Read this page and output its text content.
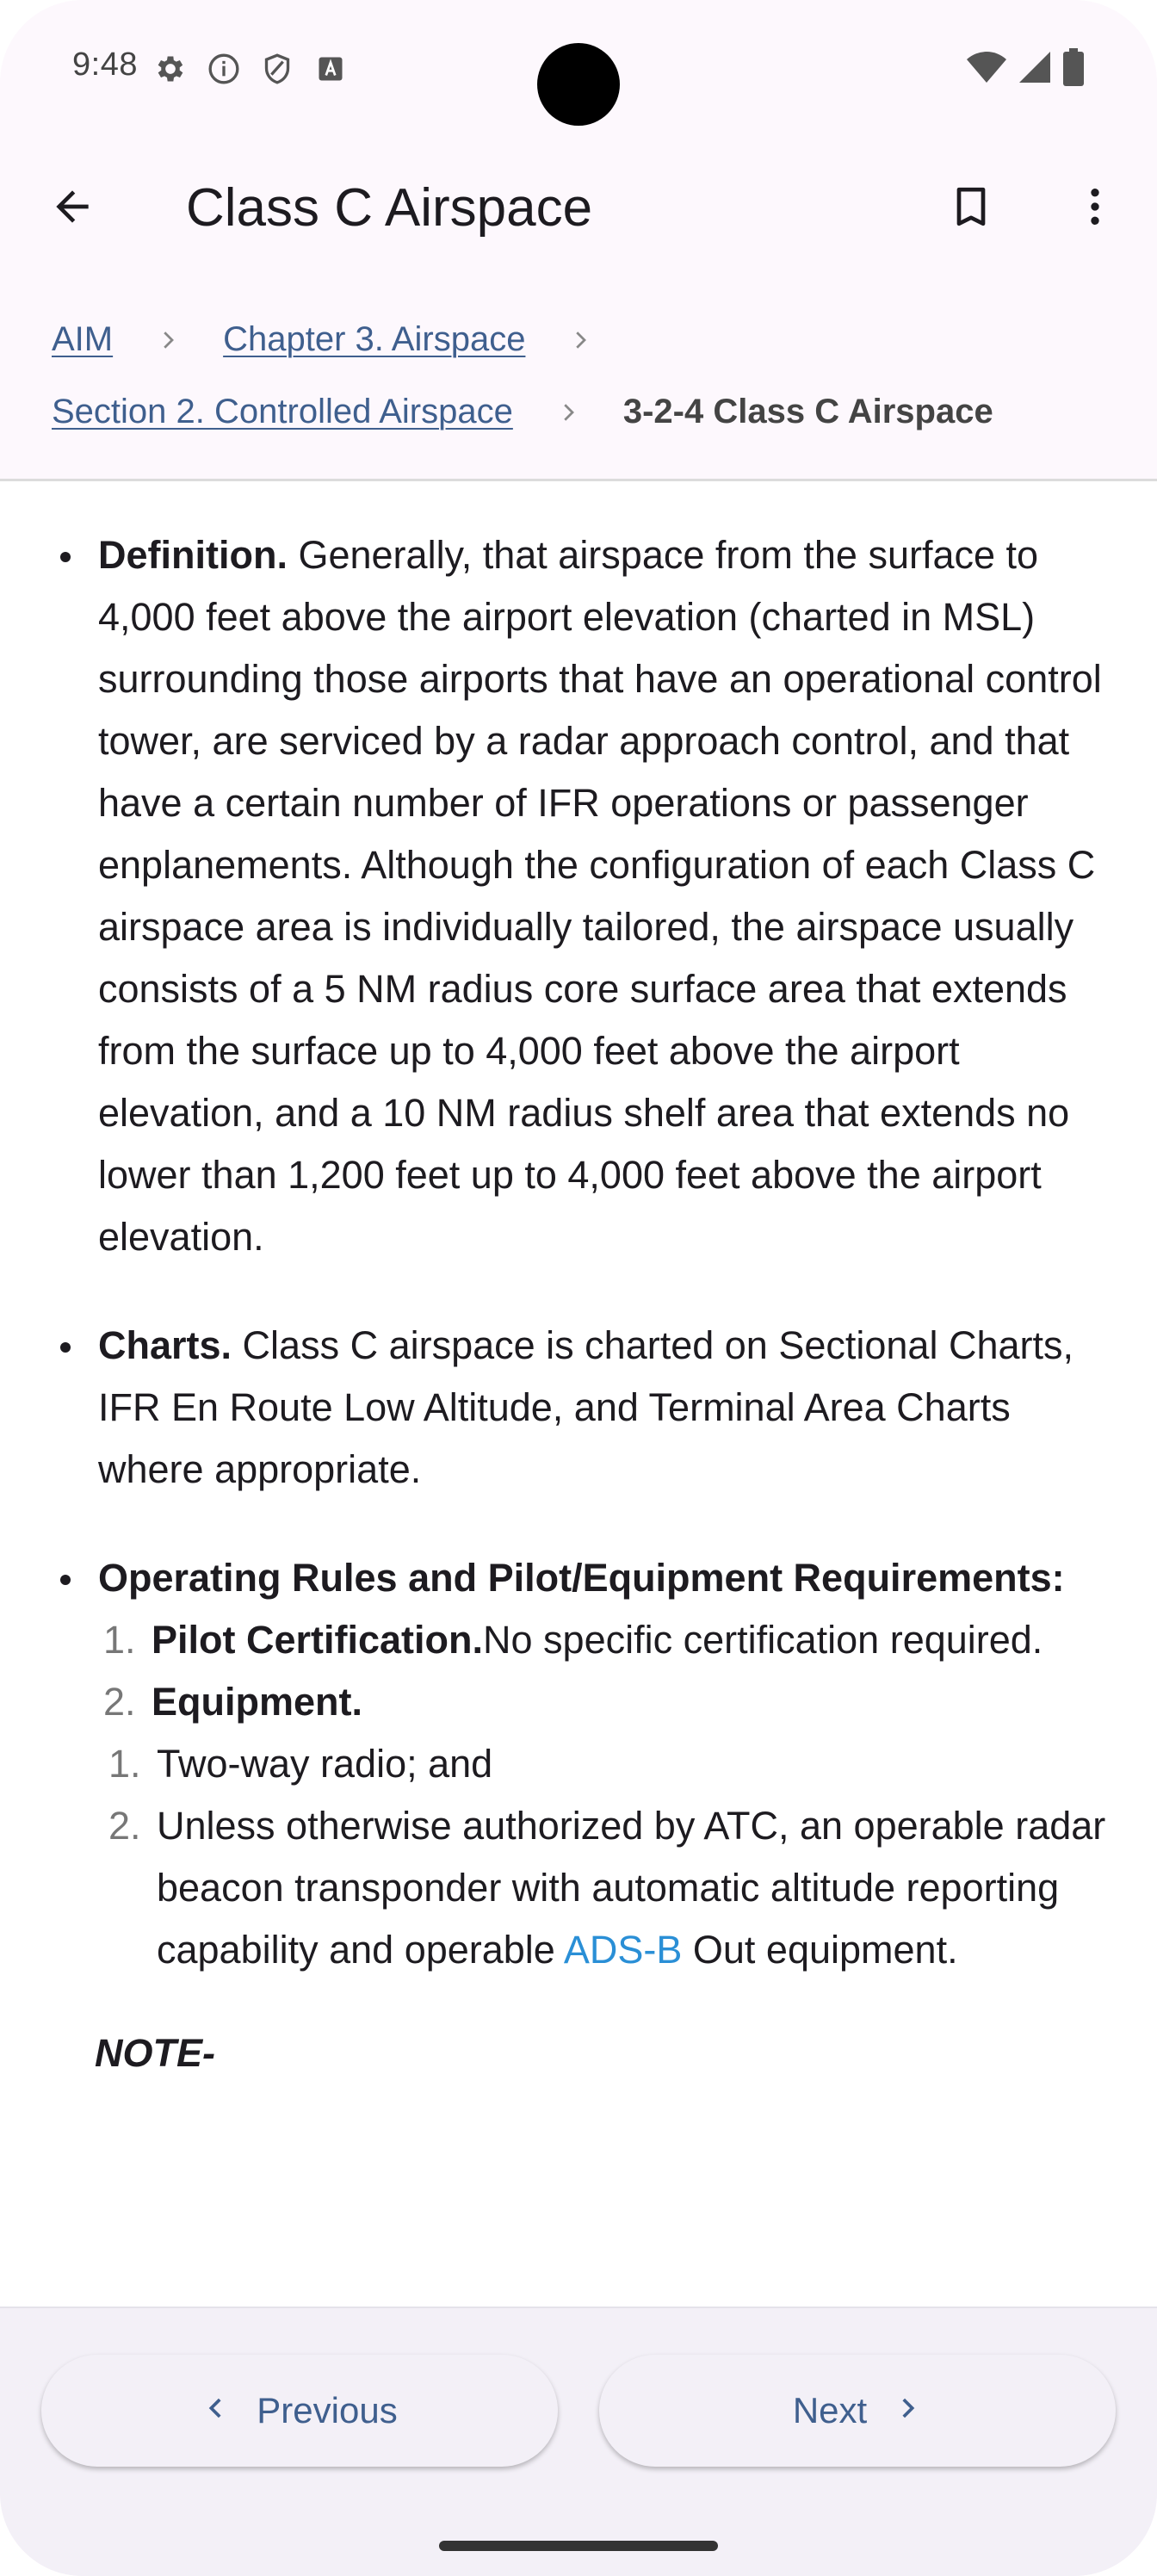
9:48
Class C Airspace
AIM	Chapter 3. Airspace
Section 2. Controlled Airspace	3-2-4 Class C Airspace
Definition. Generally, that airspace from the surface to 4,000 feet above the airport elevation (charted in MSL) surrounding those airports that have an operational control tower, are serviced by a radar approach control, and that have a certain number of IFR operations or passenger enplanements. Although the configuration of each Class C airspace area is individually tailored, the airspace usually consists of a 5 NM radius core surface area that extends from the surface up to 4,000 feet above the airport elevation, and a 10 NM radius shelf area that extends no lower than 1,200 feet up to 4,000 feet above the airport elevation.
Charts. Class C airspace is charted on Sectional Charts, IFR En Route Low Altitude, and Terminal Area Charts where appropriate.
Operating Rules and Pilot/Equipment Requirements:
1. Pilot Certification.No specific certification required.
2. Equipment.
1. Two-way radio; and
2. Unless otherwise authorized by ATC, an operable radar beacon transponder with automatic altitude reporting capability and operable ADS-B Out equipment.
NOTE-
Previous	Next
